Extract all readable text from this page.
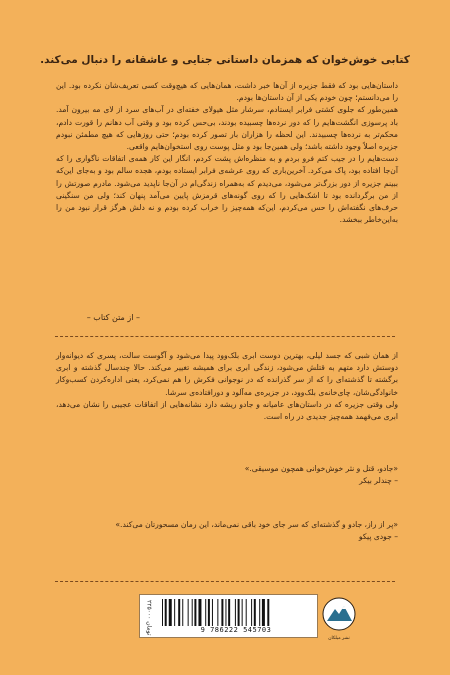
کتابی خوش‌خوان که همزمان داستانی جنایی و عاشقانه را دنبال می‌کند.

داستان‌هایی بود که فقط جزیره از آن‌ها خبر داشت، همان‌هایی که هیچ‌وقت کسی تعریف‌شان نکرده بود. این را می‌دانستم؛ چون خودم یکی از آن داستان‌ها بودم.

همین‌طور که جلوی کشتی فرابر ایستادم، سرشار مثل هیولای خفته‌ای در آب‌های سرد از لای مه بیرون آمد. باد پرسوزی انگشت‌هایم را که دور نرده‌ها چسبیده بودند، بی‌حس کرده بود و وقتی آب دهانم را قورت دادم، محکم‌تر به نرده‌ها چسبیدند. این لحظه را هزاران بار تصور کرده بودم؛ حتی روزهایی که هیچ مطمئن نبودم جزیره اصلاً وجود داشته باشد؛ ولی همین‌جا بود و مثل پوست روی استخوان‌هایم واقعی.

دست‌هایم را در جیب کتم فرو بردم و به منظره‌اش پشت کردم، انگار این کار همه‌ی اتفاقات ناگواری را که آن‌جا افتاده بود، پاک می‌کرد. آخرین‌باری که روی عرشه‌ی فرابر ایستاده بودم، هجده‌ سالم بود و به‌جای این‌که ببینم جزیره از دور بزرگ‌تر می‌شود، می‌دیدم که به‌همراه زندگی‌ام در آن‌جا ناپدید می‌شود. مادرم صورتش را از من برگردانده بود تا اشک‌هایی را که روی گونه‌های قرمزش پایین می‌آمد پنهان کند؛ ولی من سنگینی حرف‌های نگفته‌اش را حس می‌کردم، این‌که همه‌چیز را خراب کرده بودم و نه دلش هرگز قرار نبود من را به‌این‌خاطر ببخشد.

– از متن کتاب –

از همان شبی که جسد لیلی، بهترین دوست ابری بلک‌وود پیدا می‌شود و آگوست سالت، پسری که دیوانه‌وار دوستش دارد متهم به قتلش می‌شود، زندگی ابری برای همیشه تغییر می‌کند. حالا چندسال گذشته و ابری برگشته تا گذشته‌ای را که از سر گذرانده که در نوجوانی فکرش را هم نمی‌کرد، یعنی اداره‌کردن کسب‌وکار خانوادگی‌شان، چای‌خانه‌ی بلک‌وود، در جزیره‌ی مه‌آلود و دورافتاده‌ی سرشا.

ولی وقتی جزیره که در داستان‌های عامیانه و جادو ریشه دارد نشانه‌هایی از اتفاقات عجیبی را نشان می‌دهد، ابری می‌فهمد همه‌چیز جدیدی در راه است.

«جادو، قتل و نثر خوش‌خوانی همچون موسیقی.»
– چندلر بیکر
«پر از راز، جادو و گذشته‌ای که سر جای خود باقی نمی‌ماند، این رمان مسحورتان می‌کند.»
– جودی پیکو
۲۲۵۰۰۰ تومان	9 786222 545703
نشر میلکان
